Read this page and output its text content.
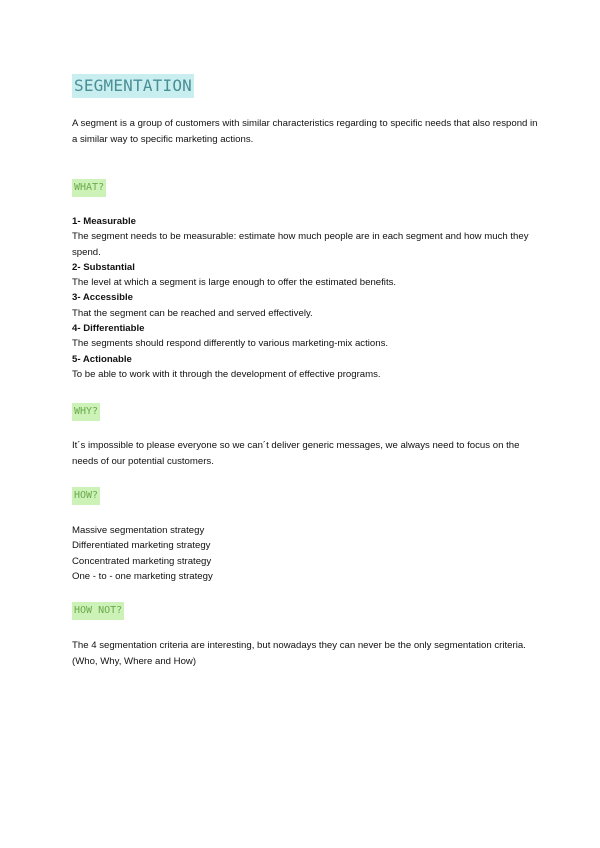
SEGMENTATION

A segment is a group of customers with similar characteristics regarding to specific needs that also respond in a similar way to specific marketing actions.

WHAT?
1- Measurable
The segment needs to be measurable: estimate how much people are in each segment and how much they spend.
2- Substantial
The level at which a segment is large enough to offer the estimated benefits.
3- Accessible
That the segment can be reached and served effectively.
4- Differentiable
The segments should respond differently to various marketing-mix actions.
5- Actionable
To be able to work with it through the development of effective programs.
WHY?

It´s impossible to please everyone so we can´t deliver generic messages, we always need to focus on the needs of our potential customers.

HOW?
Massive segmentation strategy
Differentiated marketing strategy
Concentrated marketing strategy
One - to - one marketing strategy
HOW NOT?

The 4 segmentation criteria are interesting, but nowadays they can never be the only segmentation criteria. (Who, Why, Where and How)
